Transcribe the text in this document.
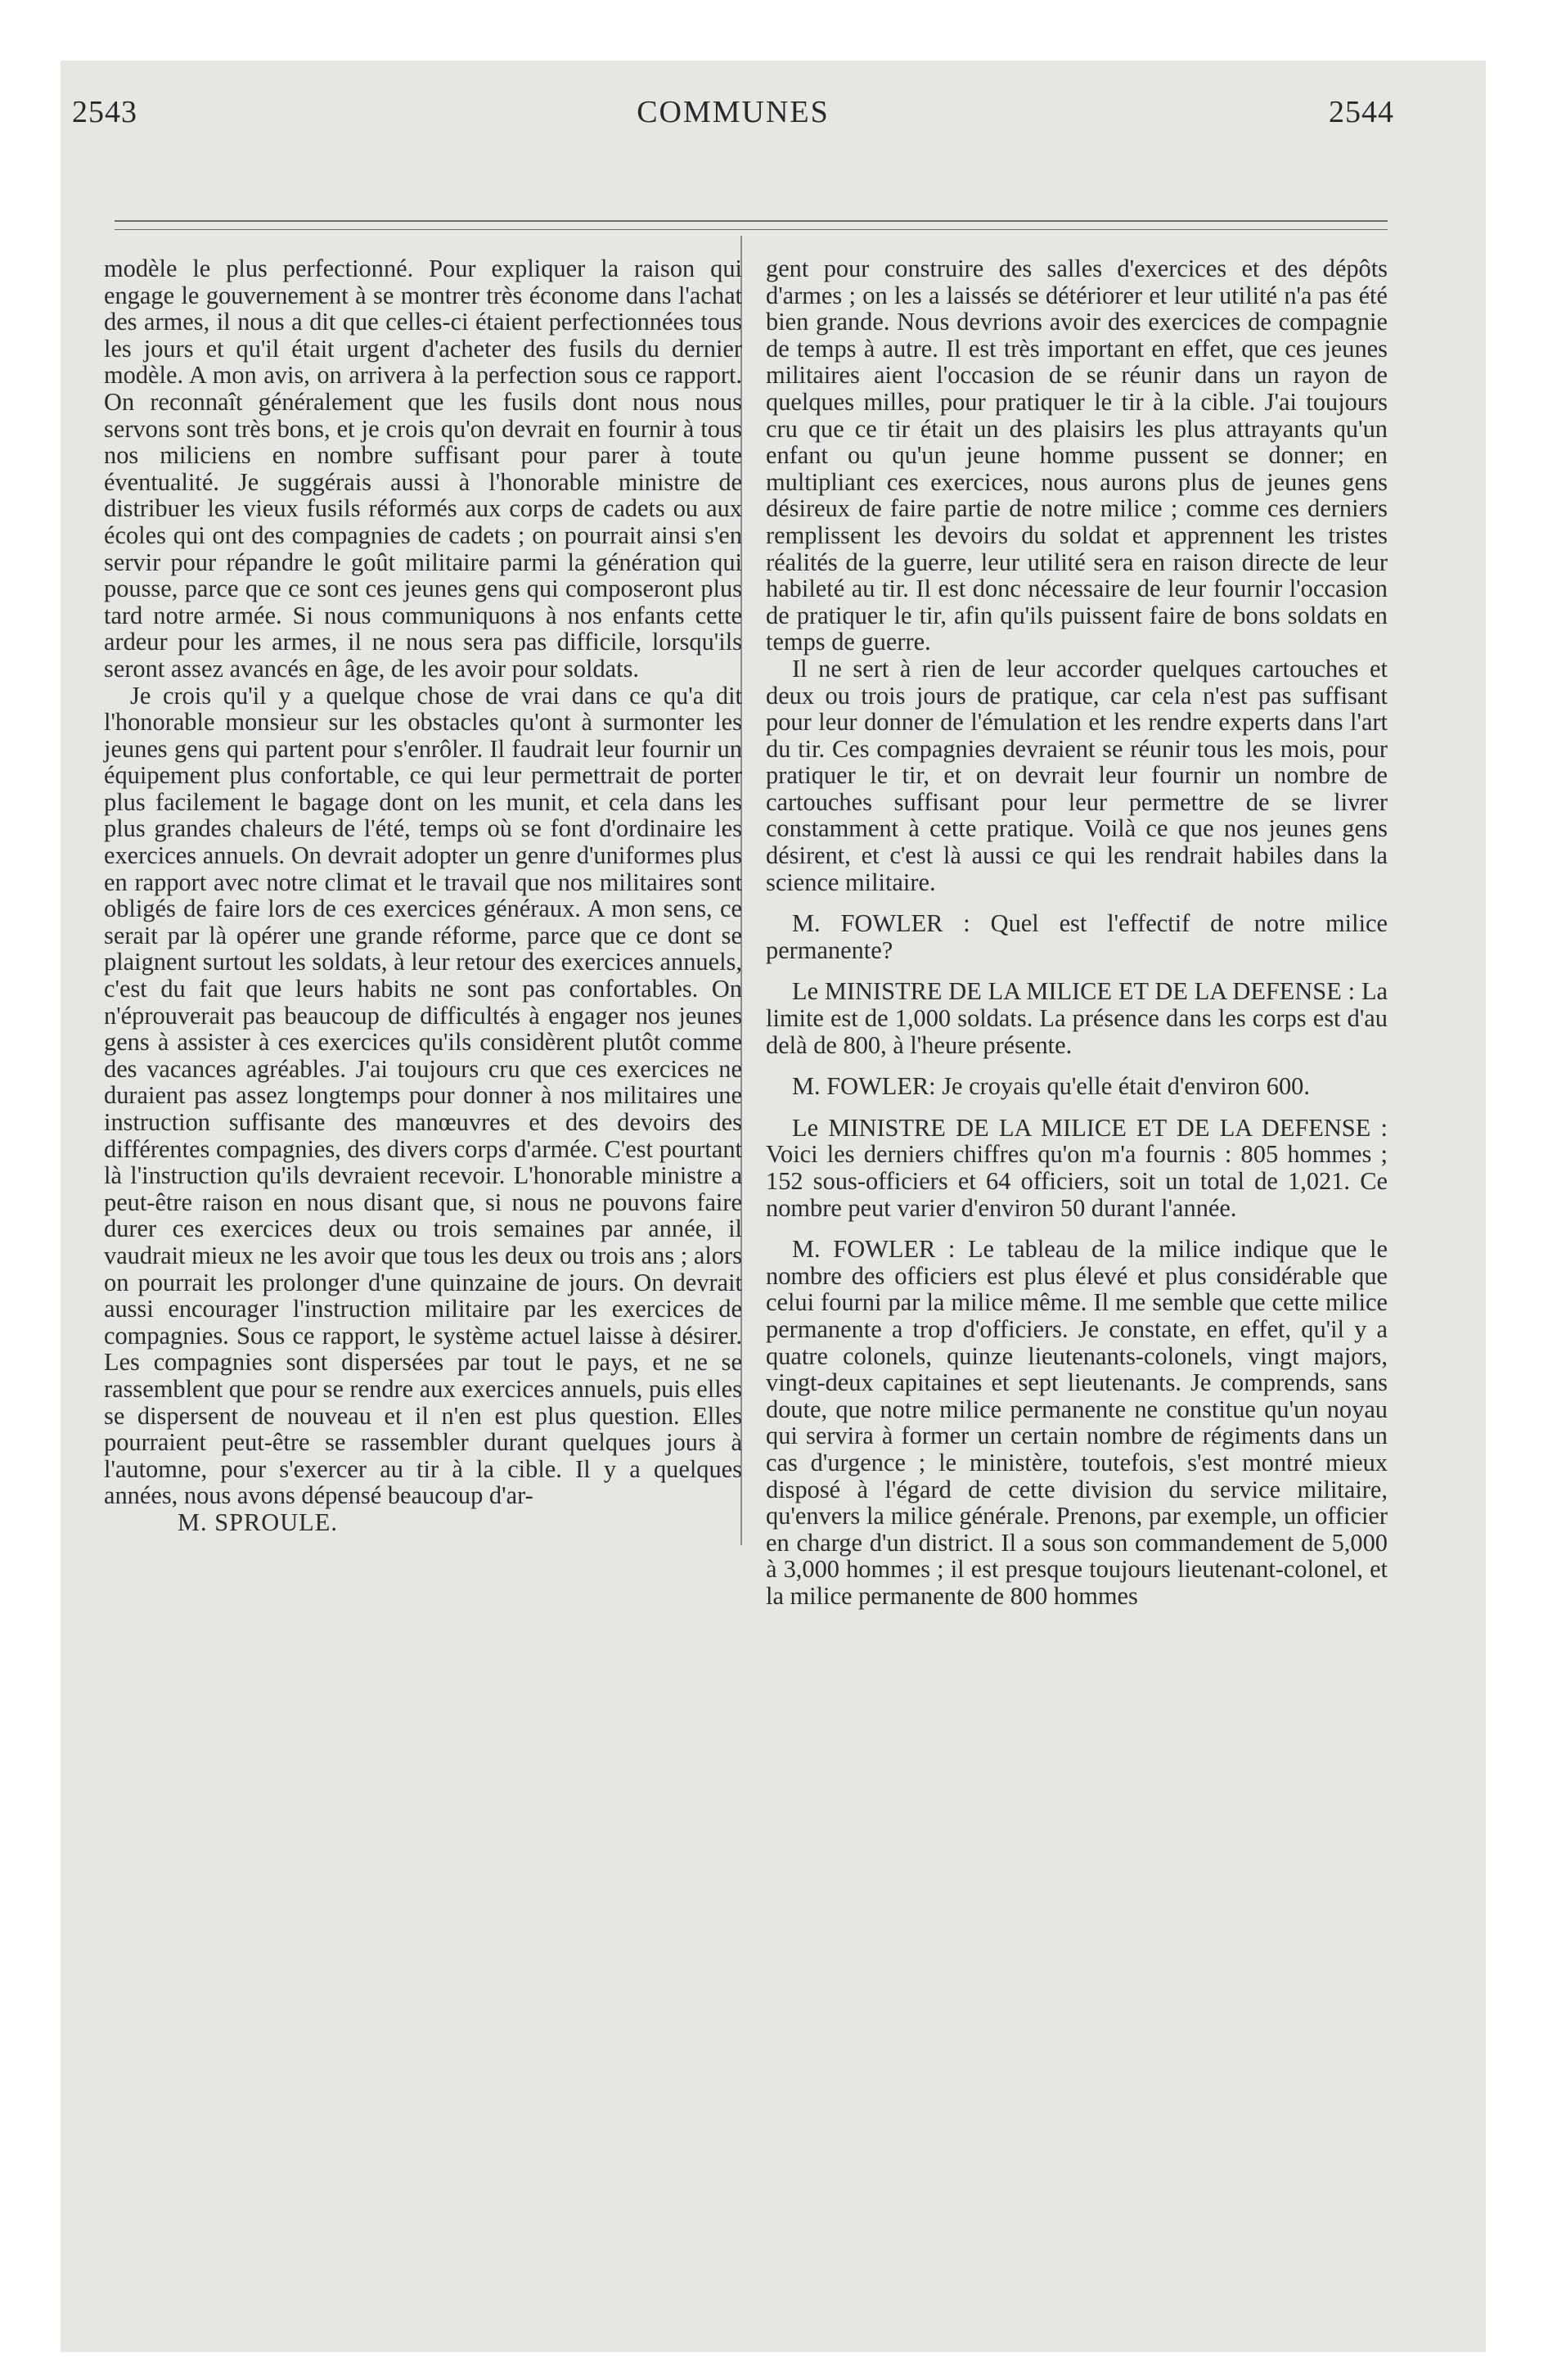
2543	COMMUNES	2544

modèle le plus perfectionné. Pour expliquer la raison qui engage le gouvernement à se montrer très économe dans l'achat des armes, il nous a dit que celles-ci étaient perfectionnées tous les jours et qu'il était urgent d'acheter des fusils du dernier modèle. A mon avis, on arrivera à la perfection sous ce rapport. On reconnaît généralement que les fusils dont nous nous servons sont très bons, et je crois qu'on devrait en fournir à tous nos miliciens en nombre suffisant pour parer à toute éventualité. Je suggérais aussi à l'honorable ministre de distribuer les vieux fusils réformés aux corps de cadets ou aux écoles qui ont des compagnies de cadets ; on pourrait ainsi s'en servir pour répandre le goût militaire parmi la génération qui pousse, parce que ce sont ces jeunes gens qui composeront plus tard notre armée. Si nous communiquons à nos enfants cette ardeur pour les armes, il ne nous sera pas difficile, lorsqu'ils seront assez avancés en âge, de les avoir pour soldats.

Je crois qu'il y a quelque chose de vrai dans ce qu'a dit l'honorable monsieur sur les obstacles qu'ont à surmonter les jeunes gens qui partent pour s'enrôler. Il faudrait leur fournir un équipement plus confortable, ce qui leur permettrait de porter plus facilement le bagage dont on les munit, et cela dans les plus grandes chaleurs de l'été, temps où se font d'ordinaire les exercices annuels. On devrait adopter un genre d'uniformes plus en rapport avec notre climat et le travail que nos militaires sont obligés de faire lors de ces exercices généraux. A mon sens, ce serait par là opérer une grande réforme, parce que ce dont se plaignent surtout les soldats, à leur retour des exercices annuels, c'est du fait que leurs habits ne sont pas confortables. On n'éprouverait pas beaucoup de difficultés à engager nos jeunes gens à assister à ces exercices qu'ils considèrent plutôt comme des vacances agréables. J'ai toujours cru que ces exercices ne duraient pas assez longtemps pour donner à nos militaires une instruction suffisante des manœuvres et des devoirs des différentes compagnies, des divers corps d'armée. C'est pourtant là l'instruction qu'ils devraient recevoir. L'honorable ministre a peut-être raison en nous disant que, si nous ne pouvons faire durer ces exercices deux ou trois semaines par année, il vaudrait mieux ne les avoir que tous les deux ou trois ans ; alors on pourrait les prolonger d'une quinzaine de jours. On devrait aussi encourager l'instruction militaire par les exercices de compagnies. Sous ce rapport, le système actuel laisse à désirer. Les compagnies sont dispersées par tout le pays, et ne se rassemblent que pour se rendre aux exercices annuels, puis elles se dispersent de nouveau et il n'en est plus question. Elles pourraient peut-être se rassembler durant quelques jours à l'automne, pour s'exercer au tir à la cible. Il y a quelques années, nous avons dépensé beaucoup d'ar-

M. SPROULE.

gent pour construire des salles d'exercices et des dépôts d'armes ; on les a laissés se détériorer et leur utilité n'a pas été bien grande. Nous devrions avoir des exercices de compagnie de temps à autre. Il est très important en effet, que ces jeunes militaires aient l'occasion de se réunir dans un rayon de quelques milles, pour pratiquer le tir à la cible. J'ai toujours cru que ce tir était un des plaisirs les plus attrayants qu'un enfant ou qu'un jeune homme pussent se donner; en multipliant ces exercices, nous aurons plus de jeunes gens désireux de faire partie de notre milice ; comme ces derniers remplissent les devoirs du soldat et apprennent les tristes réalités de la guerre, leur utilité sera en raison directe de leur habileté au tir. Il est donc nécessaire de leur fournir l'occasion de pratiquer le tir, afin qu'ils puissent faire de bons soldats en temps de guerre.

Il ne sert à rien de leur accorder quelques cartouches et deux ou trois jours de pratique, car cela n'est pas suffisant pour leur donner de l'émulation et les rendre experts dans l'art du tir. Ces compagnies devraient se réunir tous les mois, pour pratiquer le tir, et on devrait leur fournir un nombre de cartouches suffisant pour leur permettre de se livrer constamment à cette pratique. Voilà ce que nos jeunes gens désirent, et c'est là aussi ce qui les rendrait habiles dans la science militaire.

M. FOWLER : Quel est l'effectif de notre milice permanente?

Le MINISTRE DE LA MILICE ET DE LA DEFENSE : La limite est de 1,000 soldats. La présence dans les corps est d'au delà de 800, à l'heure présente.

M. FOWLER: Je croyais qu'elle était d'environ 600.

Le MINISTRE DE LA MILICE ET DE LA DEFENSE : Voici les derniers chiffres qu'on m'a fournis : 805 hommes ; 152 sous-officiers et 64 officiers, soit un total de 1,021. Ce nombre peut varier d'environ 50 durant l'année.

M. FOWLER : Le tableau de la milice indique que le nombre des officiers est plus élevé et plus considérable que celui fourni par la milice même. Il me semble que cette milice permanente a trop d'officiers. Je constate, en effet, qu'il y a quatre colonels, quinze lieutenants-colonels, vingt majors, vingt-deux capitaines et sept lieutenants. Je comprends, sans doute, que notre milice permanente ne constitue qu'un noyau qui servira à former un certain nombre de régiments dans un cas d'urgence ; le ministère, toutefois, s'est montré mieux disposé à l'égard de cette division du service militaire, qu'envers la milice générale. Prenons, par exemple, un officier en charge d'un district. Il a sous son commandement de 5,000 à 3,000 hommes ; il est presque toujours lieutenant-colonel, et la milice permanente de 800 hommes
